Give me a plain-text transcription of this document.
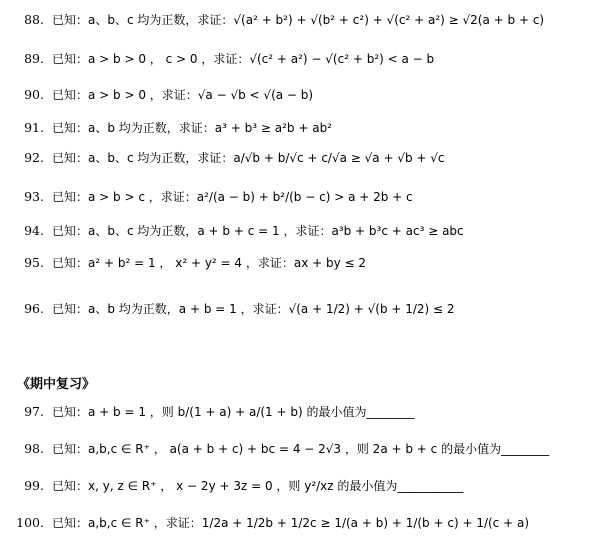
88. 已知：a、b、c 均为正数，求证：√(a² + b²) + √(b² + c²) + √(c² + a²) ≥ √2(a + b + c)
89. 已知：a > b > 0 ， c > 0 ，求证：√(c² + a²) − √(c² + b²) < a − b
90. 已知：a > b > 0 ，求证：√a − √b < √(a − b)
91. 已知：a、b 均为正数，求证：a³ + b³ ≥ a²b + ab²
92. 已知：a、b、c 均为正数，求证：a/√b + b/√c + c/√a ≥ √a + √b + √c
93. 已知：a > b > c ，求证：a²/(a − b) + b²/(b − c) > a + 2b + c
94. 已知：a、b、c 均为正数，a + b + c = 1 ，求证：a³b + b³c + ac³ ≥ abc
95. 已知：a² + b² = 1 ， x² + y² = 4 ，求证：ax + by ≤ 2
96. 已知：a、b 均为正数，a + b = 1 ，求证：√(a + 1/2) + √(b + 1/2) ≤ 2
《期中复习》
97. 已知：a + b = 1 ，则 b/(1 + a) + a/(1 + b) 的最小值为________
98. 已知：a,b,c ∈ R⁺ ， a(a + b + c) + bc = 4 − 2√3 ，则 2a + b + c 的最小值为________
99. 已知：x, y, z ∈ R⁺ ， x − 2y + 3z = 0 ，则 y²/xz 的最小值为___________
100. 已知：a,b,c ∈ R⁺ ，求证：1/2a + 1/2b + 1/2c ≥ 1/(a + b) + 1/(b + c) + 1/(c + a)
